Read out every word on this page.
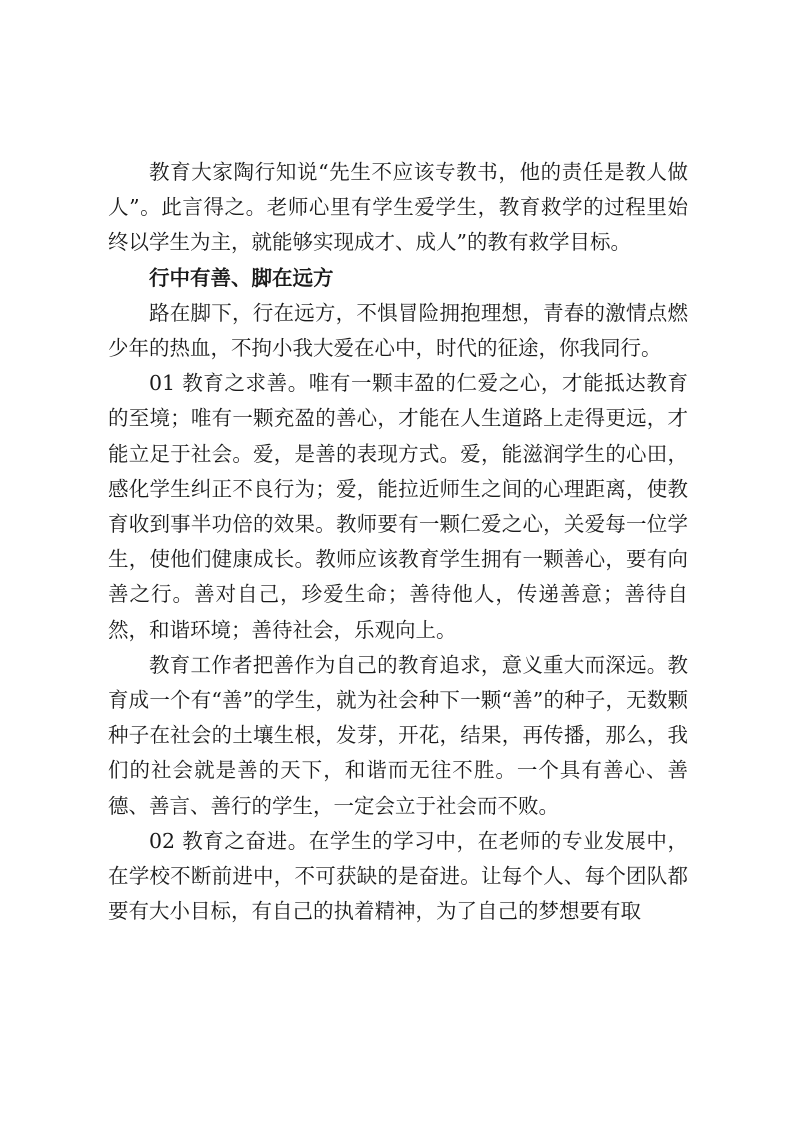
教育大家陶行知说“先生不应该专教书，他的责任是教人做人”。此言得之。老师心里有学生爱学生，教育救学的过程里始终以学生为主，就能够实现成才、成人”的教有救学目标。

行中有善、脚在远方

路在脚下，行在远方，不惧冒险拥抱理想，青春的激情点燃少年的热血，不拘小我大爱在心中，时代的征途，你我同行。

01 教育之求善。唯有一颗丰盈的仁爱之心，才能抵达教育的至境；唯有一颗充盈的善心，才能在人生道路上走得更远，才能立足于社会。爱，是善的表现方式。爱，能滋润学生的心田，感化学生纠正不良行为；爱，能拉近师生之间的心理距离，使教育收到事半功倍的效果。教师要有一颗仁爱之心，关爱每一位学生，使他们健康成长。教师应该教育学生拥有一颗善心，要有向善之行。善对自己，珍爱生命；善待他人，传递善意；善待自然，和谐环境；善待社会，乐观向上。

教育工作者把善作为自己的教育追求，意义重大而深远。教育成一个有“善”的学生，就为社会种下一颗“善”的种子，无数颗种子在社会的土壤生根，发芽，开花，结果，再传播，那么，我们的社会就是善的天下，和谐而无往不胜。一个具有善心、善德、善言、善行的学生，一定会立于社会而不败。

02 教育之奋进。在学生的学习中，在老师的专业发展中，在学校不断前进中，不可获缺的是奋进。让每个人、每个团队都要有大小目标，有自己的执着精神，为了自己的梦想要有取
